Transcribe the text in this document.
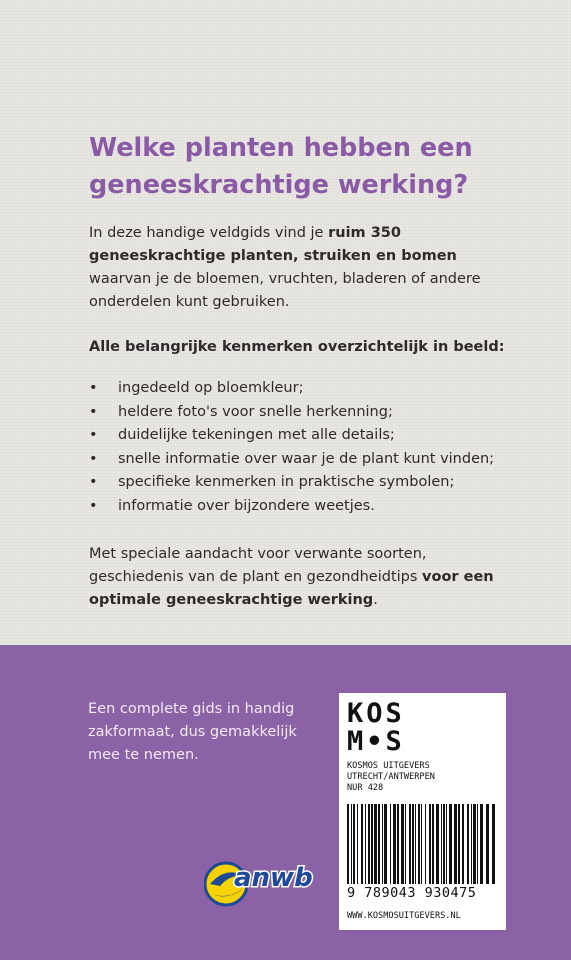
Welke planten hebben een
geneeskrachtige werking?

In deze handige veldgids vind je ruim 350 geneeskrachtige planten, struiken en bomen waarvan je de bloemen, vruchten, bladeren of andere onderdelen kunt gebruiken.

Alle belangrijke kenmerken overzichtelijk in beeld:

• ingedeeld op bloemkleur;
• heldere foto's voor snelle herkenning;
• duidelijke tekeningen met alle details;
• snelle informatie over waar je de plant kunt vinden;
• specifieke kenmerken in praktische symbolen;
• informatie over bijzondere weetjes.

Met speciale aandacht voor verwante soorten, geschiedenis van de plant en gezondheidtips voor een optimale geneeskrachtige werking.

Een complete gids in handig zakformaat, dus gemakkelijk mee te nemen.

anwb
KOS
M•S

KOSMOS UITGEVERS
UTRECHT/ANTWERPEN
NUR 428

9 789043 930475
WWW.KOSMOSUITGEVERS.NL
